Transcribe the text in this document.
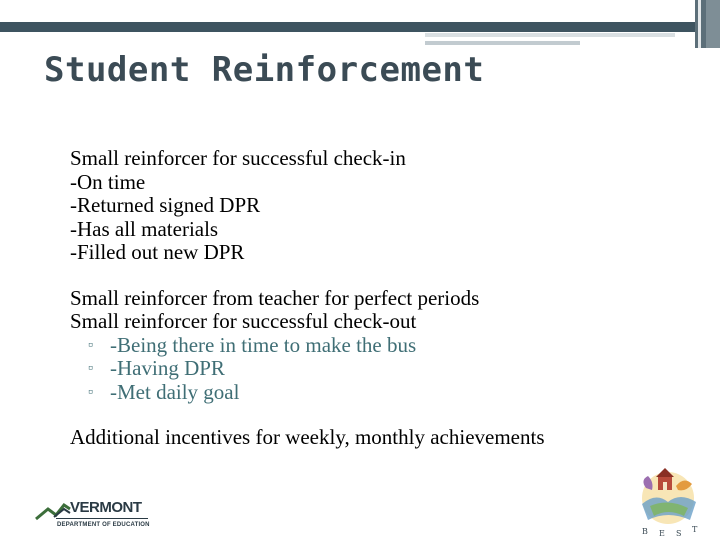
Student Reinforcement
Small reinforcer for successful check-in
-On time
-Returned signed DPR
-Has all materials
-Filled out new DPR
Small reinforcer from teacher for perfect periods
Small reinforcer for successful check-out
▫ -Being there in time to make the bus
▫ -Having DPR
▫ -Met daily goal
Additional incentives for weekly, monthly achievements
VERMONT
DEPARTMENT OF EDUCATION
B E S T
